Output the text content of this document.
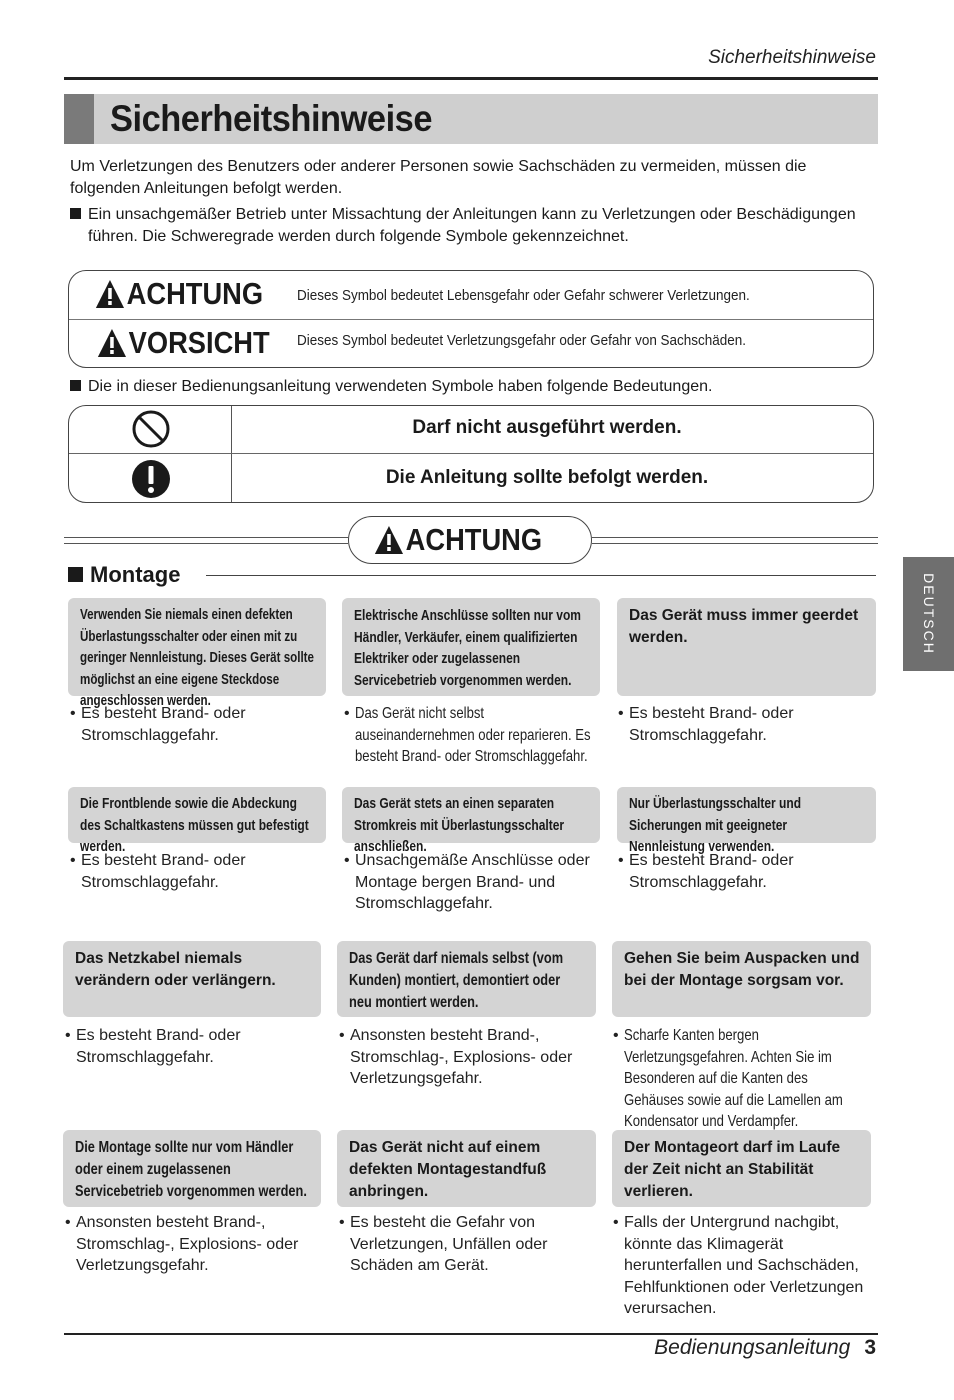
Sicherheitshinweise
Sicherheitshinweise
Um Verletzungen des Benutzers oder anderer Personen sowie Sachschäden zu vermeiden, müssen die folgenden Anleitungen befolgt werden.
Ein unsachgemäßer Betrieb unter Missachtung der Anleitungen kann zu Verletzungen oder Beschädigungen führen. Die Schweregrade werden durch folgende Symbole gekennzeichnet.
ACHTUNG Dieses Symbol bedeutet Lebensgefahr oder Gefahr schwerer Verletzungen.
VORSICHT Dieses Symbol bedeutet Verletzungsgefahr oder Gefahr von Sachschäden.
Die in dieser Bedienungsanleitung verwendeten Symbole haben folgende Bedeutungen.
Darf nicht ausgeführt werden.
Die Anleitung sollte befolgt werden.
ACHTUNG
Montage	DEUTSCH
Verwenden Sie niemals einen defekten Überlastungsschalter oder einen mit zu geringer Nennleistung. Dieses Gerät sollte möglichst an eine eigene Steckdose angeschlossen werden.
Elektrische Anschlüsse sollten nur vom Händler, Verkäufer, einem qualifizierten Elektriker oder zugelassenen Servicebetrieb vorgenommen werden.
Das Gerät muss immer geerdet werden.
• Es besteht Brand- oder Stromschlaggefahr.
• Das Gerät nicht selbst auseinandernehmen oder reparieren. Es besteht Brand- oder Stromschlaggefahr.
• Es besteht Brand- oder Stromschlaggefahr.
Die Frontblende sowie die Abdeckung des Schaltkastens müssen gut befestigt werden.
Das Gerät stets an einen separaten Stromkreis mit Überlastungsschalter anschließen.
Nur Überlastungsschalter und Sicherungen mit geeigneter Nennleistung verwenden.
• Es besteht Brand- oder Stromschlaggefahr.
• Unsachgemäße Anschlüsse oder Montage bergen Brand- und Stromschlaggefahr.
• Es besteht Brand- oder Stromschlaggefahr.
Das Netzkabel niemals verändern oder verlängern.
Das Gerät darf niemals selbst (vom Kunden) montiert, demontiert oder neu montiert werden.
Gehen Sie beim Auspacken und bei der Montage sorgsam vor.
• Es besteht Brand- oder Stromschlaggefahr.
• Ansonsten besteht Brand-, Stromschlag-, Explosions- oder Verletzungsgefahr.
• Scharfe Kanten bergen Verletzungsgefahren. Achten Sie im Besonderen auf die Kanten des Gehäuses sowie auf die Lamellen am Kondensator und Verdampfer.
Die Montage sollte nur vom Händler oder einem zugelassenen Servicebetrieb vorgenommen werden.
Das Gerät nicht auf einem defekten Montagestandfuß anbringen.
Der Montageort darf im Laufe der Zeit nicht an Stabilität verlieren.
• Ansonsten besteht Brand-, Stromschlag-, Explosions- oder Verletzungsgefahr.
• Es besteht die Gefahr von Verletzungen, Unfällen oder Schäden am Gerät.
• Falls der Untergrund nachgibt, könnte das Klimagerät herunterfallen und Sachschäden, Fehlfunktionen oder Verletzungen verursachen.
Bedienungsanleitung 3
